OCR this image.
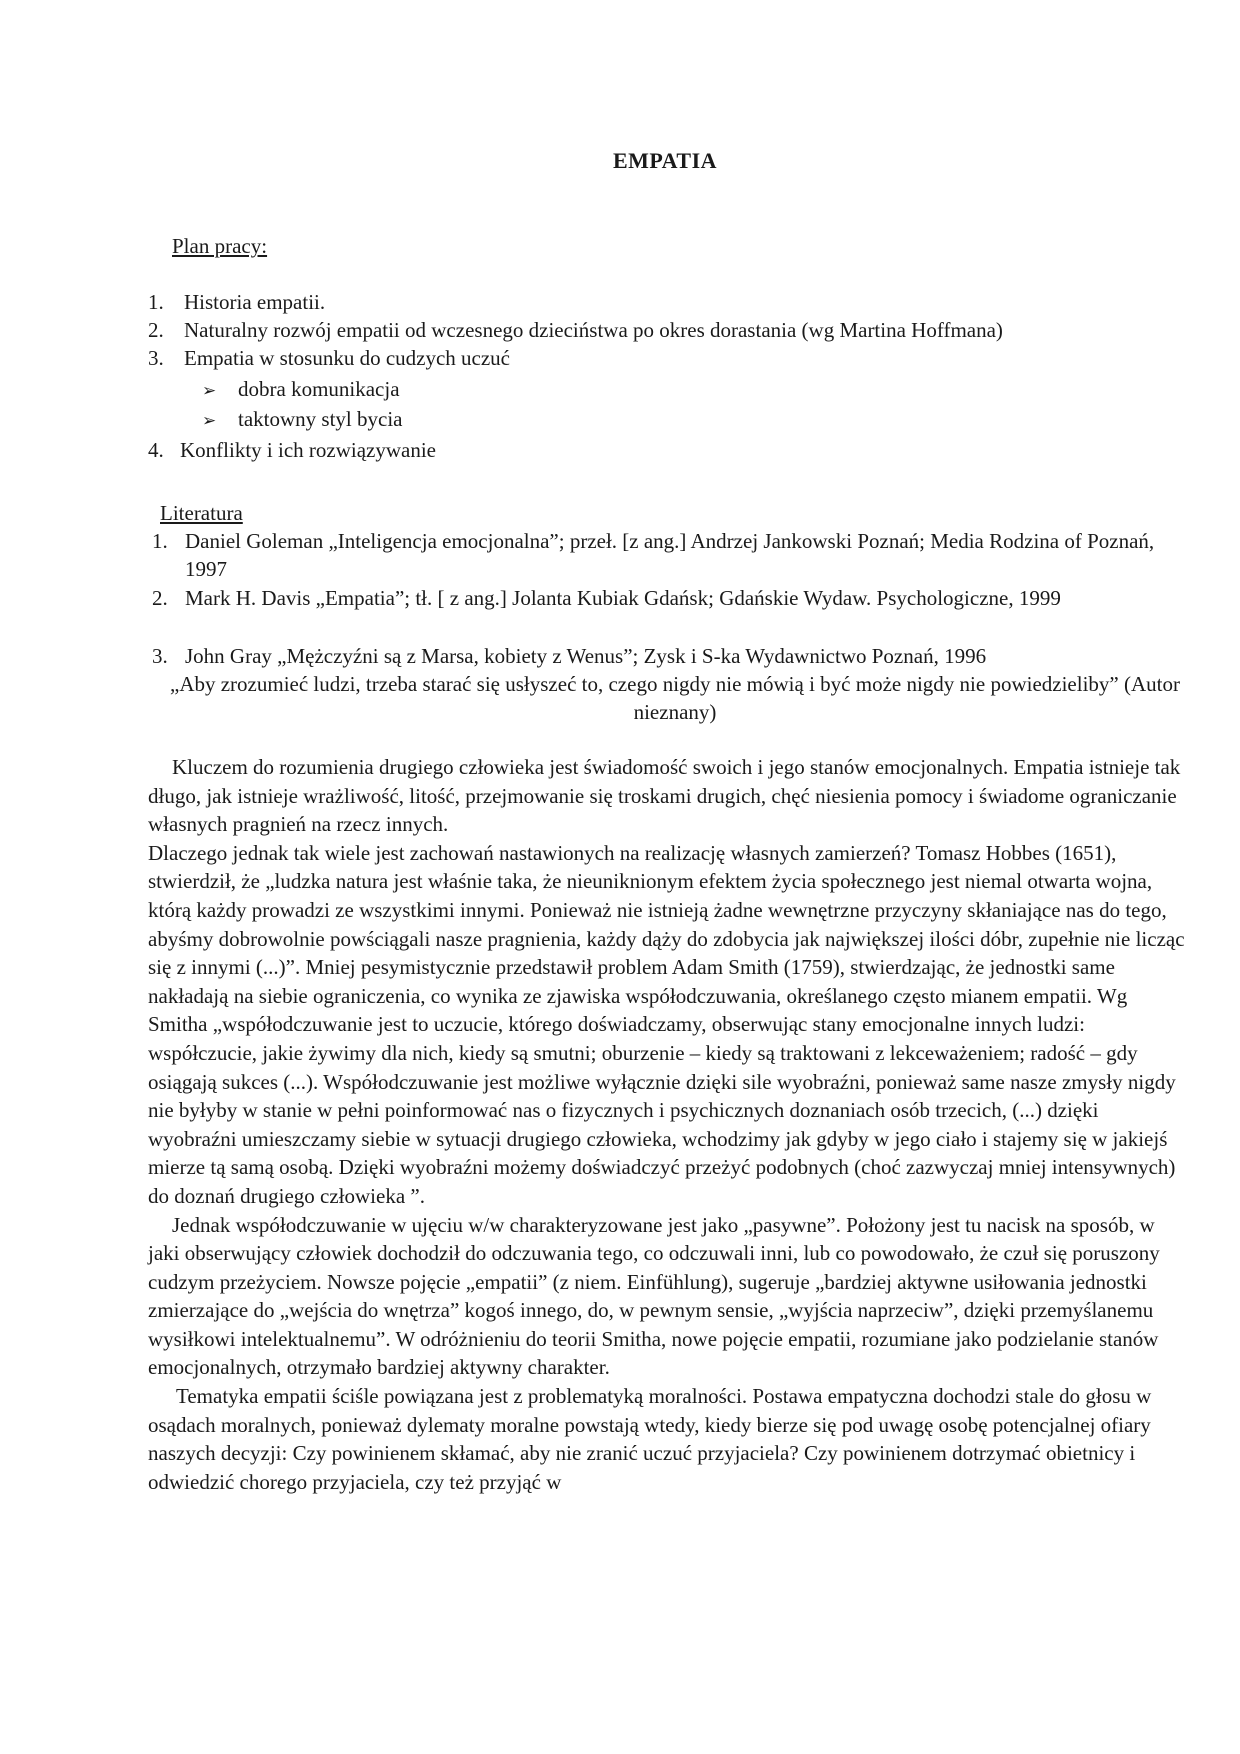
EMPATIA
Plan pracy:
1. Historia empatii.
2. Naturalny rozwój empatii od wczesnego dzieciństwa po okres dorastania (wg Martina Hoffmana)
3. Empatia w stosunku do cudzych uczuć
➢ dobra komunikacja
➢ taktowny styl bycia
4. Konflikty i ich rozwiązywanie
Literatura
1. Daniel Goleman „Inteligencja emocjonalna”; przeł. [z ang.] Andrzej Jankowski Poznań; Media Rodzina of Poznań, 1997
2. Mark H. Davis „Empatia”; tł. [ z ang.] Jolanta Kubiak Gdańsk; Gdańskie Wydaw. Psychologiczne, 1999
3. John Gray „Mężczyźni są z Marsa, kobiety z Wenus”; Zysk i S-ka Wydawnictwo Poznań, 1996
„Aby zrozumieć ludzi, trzeba starać się usłyszeć to, czego nigdy nie mówią i być może nigdy nie powiedzieliby” (Autor nieznany)

Kluczem do rozumienia drugiego człowieka jest świadomość swoich i jego stanów emocjonalnych. Empatia istnieje tak długo, jak istnieje wrażliwość, litość, przejmowanie się troskami drugich, chęć niesienia pomocy i świadome ograniczanie własnych pragnień na rzecz innych.

Dlaczego jednak tak wiele jest zachowań nastawionych na realizację własnych zamierzeń? Tomasz Hobbes (1651), stwierdził, że „ludzka natura jest właśnie taka, że nieuniknionym efektem życia społecznego jest niemal otwarta wojna, którą każdy prowadzi ze wszystkimi innymi. Ponieważ nie istnieją żadne wewnętrzne przyczyny skłaniające nas do tego, abyśmy dobrowolnie powściągali nasze pragnienia, każdy dąży do zdobycia jak największej ilości dóbr, zupełnie nie licząc się z innymi (...)”. Mniej pesymistycznie przedstawił problem Adam Smith (1759), stwierdzając, że jednostki same nakładają na siebie ograniczenia, co wynika ze zjawiska współodczuwania, określanego często mianem empatii. Wg Smitha „współodczuwanie jest to uczucie, którego doświadczamy, obserwując stany emocjonalne innych ludzi: współczucie, jakie żywimy dla nich, kiedy są smutni; oburzenie – kiedy są traktowani z lekceważeniem; radość – gdy osiągają sukces (...). Współodczuwanie jest możliwe wyłącznie dzięki sile wyobraźni, ponieważ same nasze zmysły nigdy nie byłyby w stanie w pełni poinformować nas o fizycznych i psychicznych doznaniach osób trzecich, (...) dzięki wyobraźni umieszczamy siebie w sytuacji drugiego człowieka, wchodzimy jak gdyby w jego ciało i stajemy się w jakiejś mierze tą samą osobą. Dzięki wyobraźni możemy doświadczyć przeżyć podobnych (choć zazwyczaj mniej intensywnych) do doznań drugiego człowieka ”.

Jednak współodczuwanie w ujęciu w/w charakteryzowane jest jako „pasywne”. Położony jest tu nacisk na sposób, w jaki obserwujący człowiek dochodził do odczuwania tego, co odczuwali inni, lub co powodowało, że czuł się poruszony cudzym przeżyciem. Nowsze pojęcie „empatii” (z niem. Einfühlung), sugeruje „bardziej aktywne usiłowania jednostki zmierzające do „wejścia do wnętrza” kogoś innego, do, w pewnym sensie, „wyjścia naprzeciw”, dzięki przemyślanemu wysiłkowi intelektualnemu”. W odróżnieniu do teorii Smitha, nowe pojęcie empatii, rozumiane jako podzielanie stanów emocjonalnych, otrzymało bardziej aktywny charakter.

Tematyka empatii ściśle powiązana jest z problematyką moralności. Postawa empatyczna dochodzi stale do głosu w osądach moralnych, ponieważ dylematy moralne powstają wtedy, kiedy bierze się pod uwagę osobę potencjalnej ofiary naszych decyzji: Czy powinienem skłamać, aby nie zranić uczuć przyjaciela? Czy powinienem dotrzymać obietnicy i odwiedzić chorego przyjaciela, czy też przyjąć w
